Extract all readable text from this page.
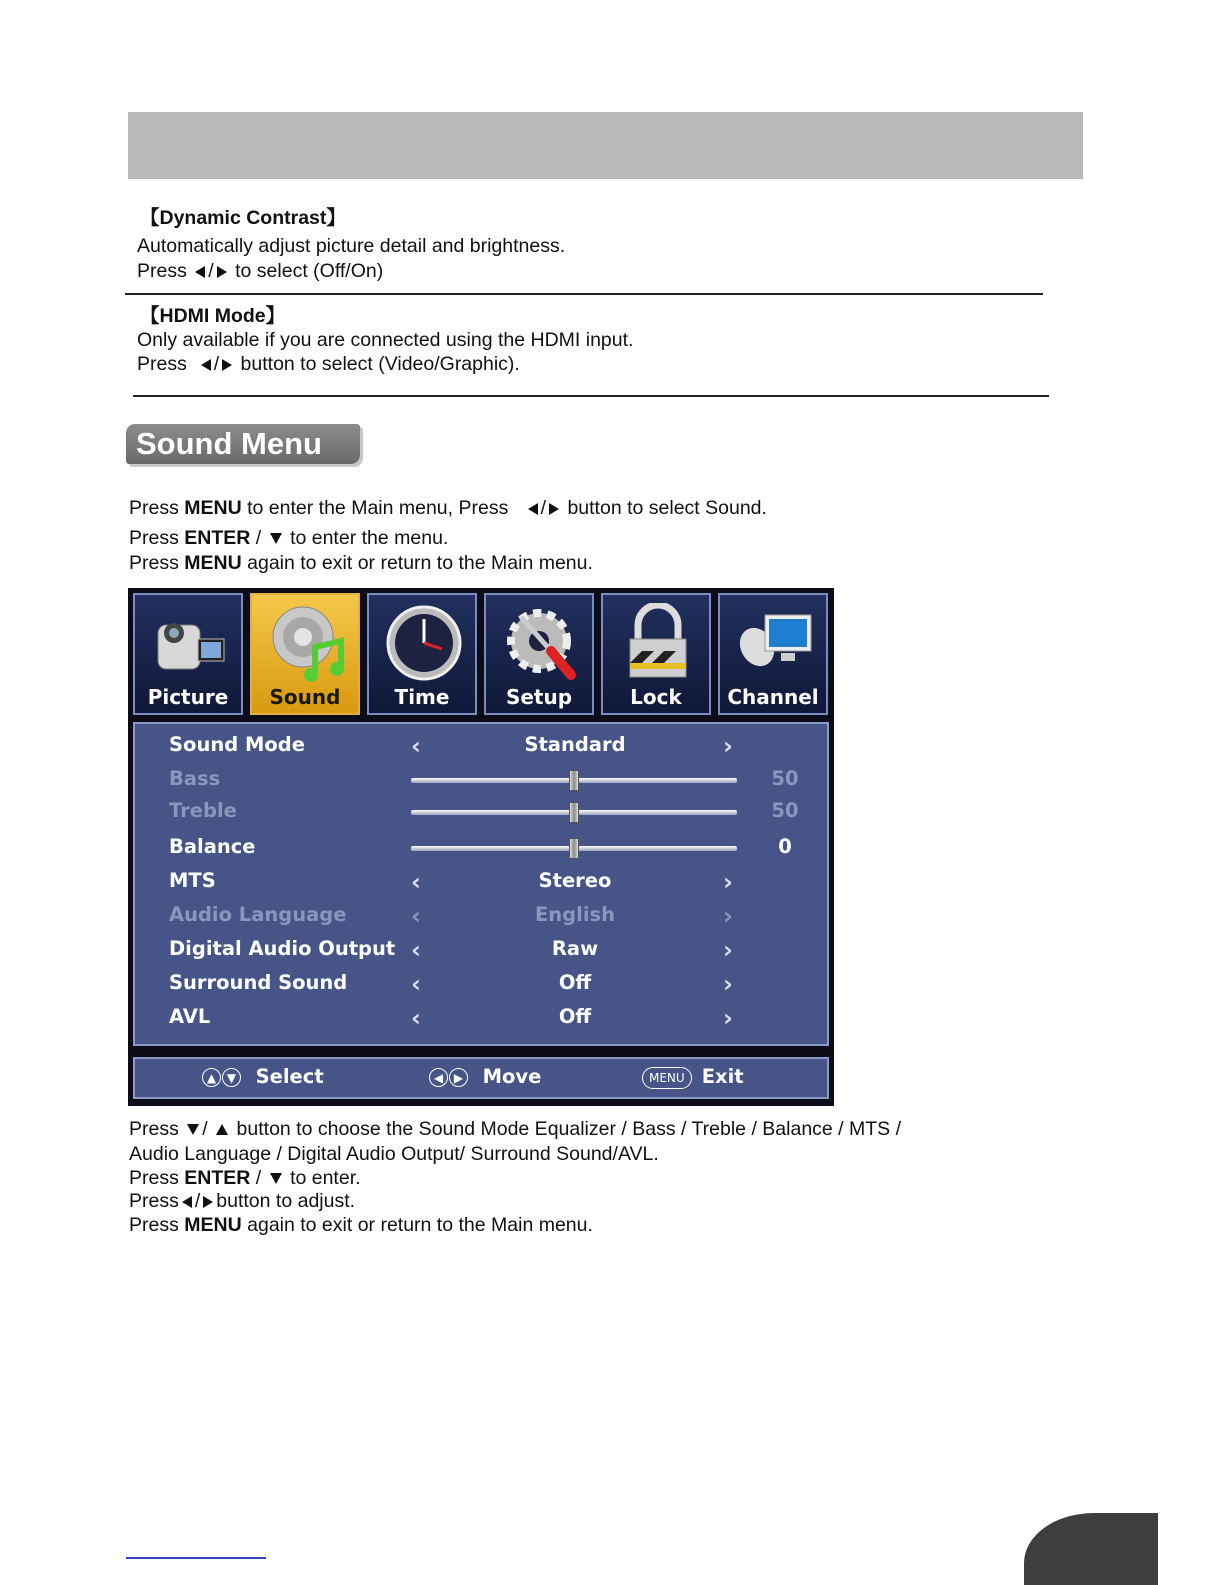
【Dynamic Contrast】
Automatically adjust picture detail and brightness.
Press / to select (Off/On)
【HDMI Mode】
Only available if you are connected using the HDMI input.
Press / button to select (Video/Graphic).
Sound Menu
Press MENU to enter the Main menu, Press / button to select Sound.
Press ENTER /  to enter the menu.
Press MENU again to exit or return to the Main menu.
Picture	Sound	Time	Setup	Lock	Channel
Sound Mode	‹	Standard	›
Bass	50
Treble	50
Balance	0
MTS	‹	Stereo	›
Audio Language	‹	English	›
Digital Audio Output ‹	Raw	›
Surround Sound	‹	Off	›
AVL	‹	Off	›
▲ ▼ Select	◀ ▶ Move	MENU Exit
Press /  button to choose the Sound Mode Equalizer / Bass / Treble / Balance / MTS /
Audio Language / Digital Audio Output/ Surround Sound/AVL.
Press ENTER /  to enter.
Press / button to adjust.
Press MENU again to exit or return to the Main menu.
